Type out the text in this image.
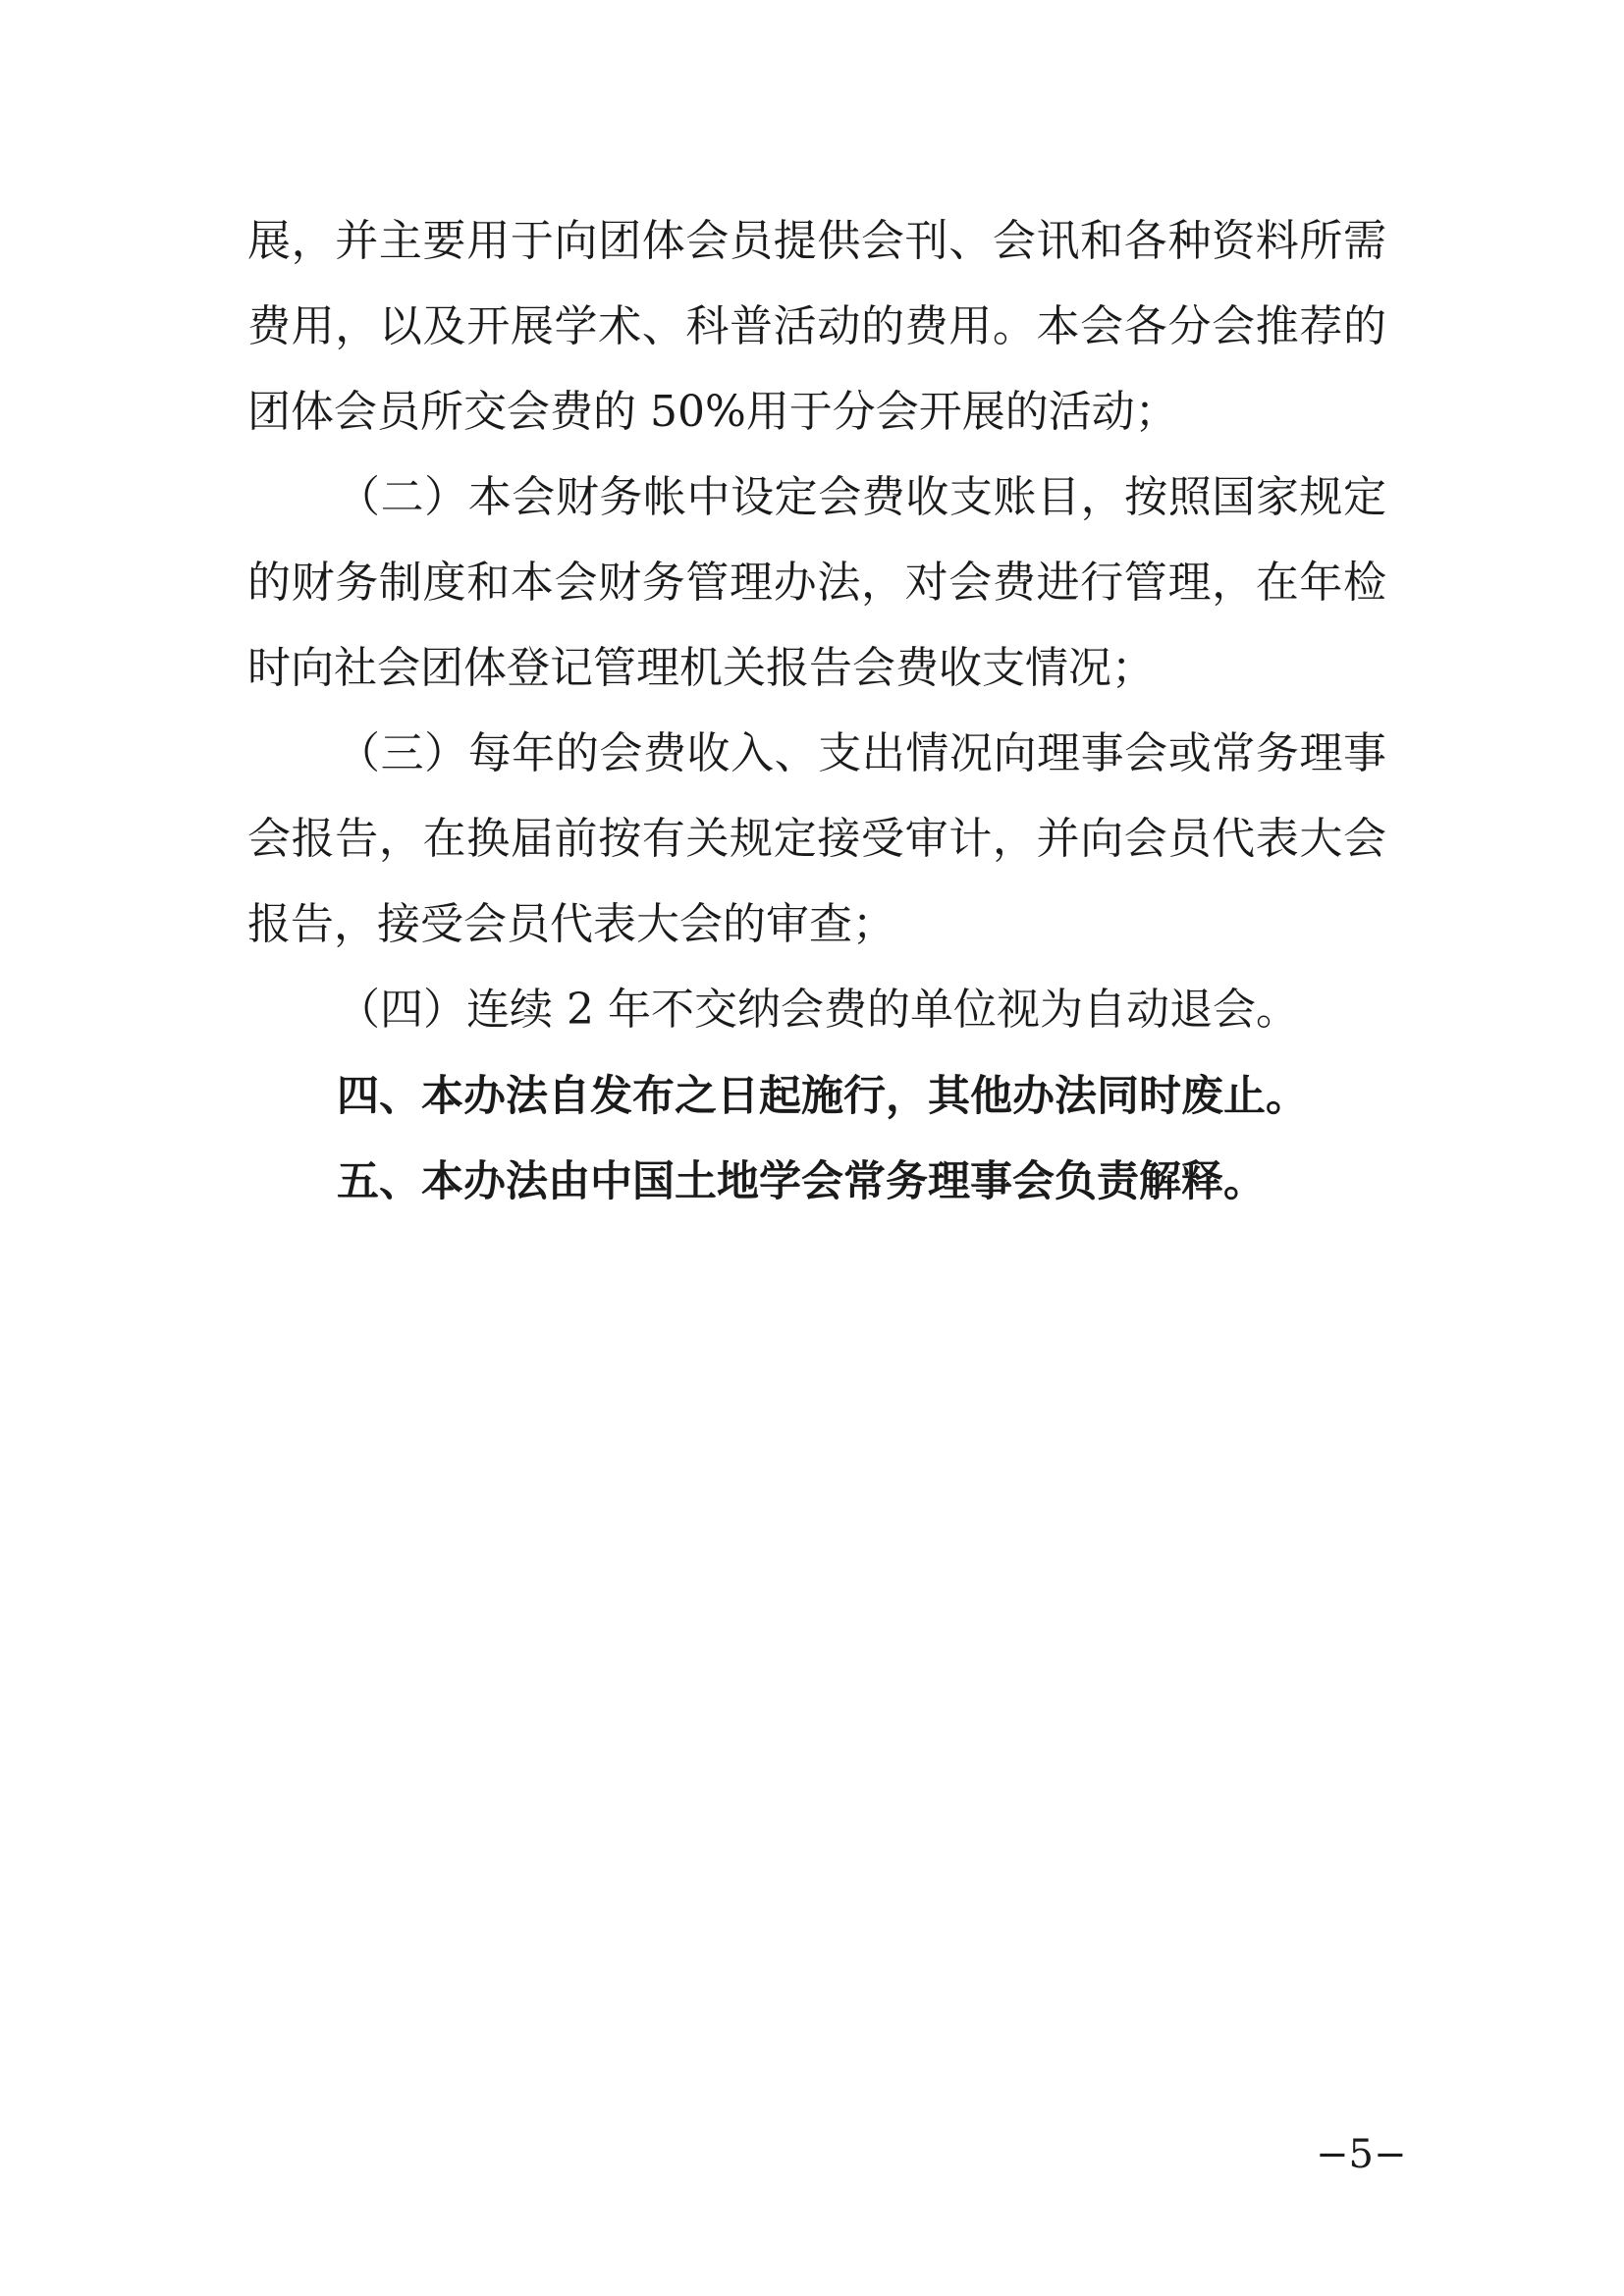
展，并主要用于向团体会员提供会刊、会讯和各种资料所需
费用，以及开展学术、科普活动的费用。本会各分会推荐的
团体会员所交会费的 50%用于分会开展的活动；
（二）本会财务帐中设定会费收支账目，按照国家规定
的财务制度和本会财务管理办法，对会费进行管理，在年检
时向社会团体登记管理机关报告会费收支情况；
（三）每年的会费收入、支出情况向理事会或常务理事
会报告，在换届前按有关规定接受审计，并向会员代表大会
报告，接受会员代表大会的审查；
（四）连续 2 年不交纳会费的单位视为自动退会。
四、本办法自发布之日起施行，其他办法同时废止。
五、本办法由中国土地学会常务理事会负责解释。
−5−
